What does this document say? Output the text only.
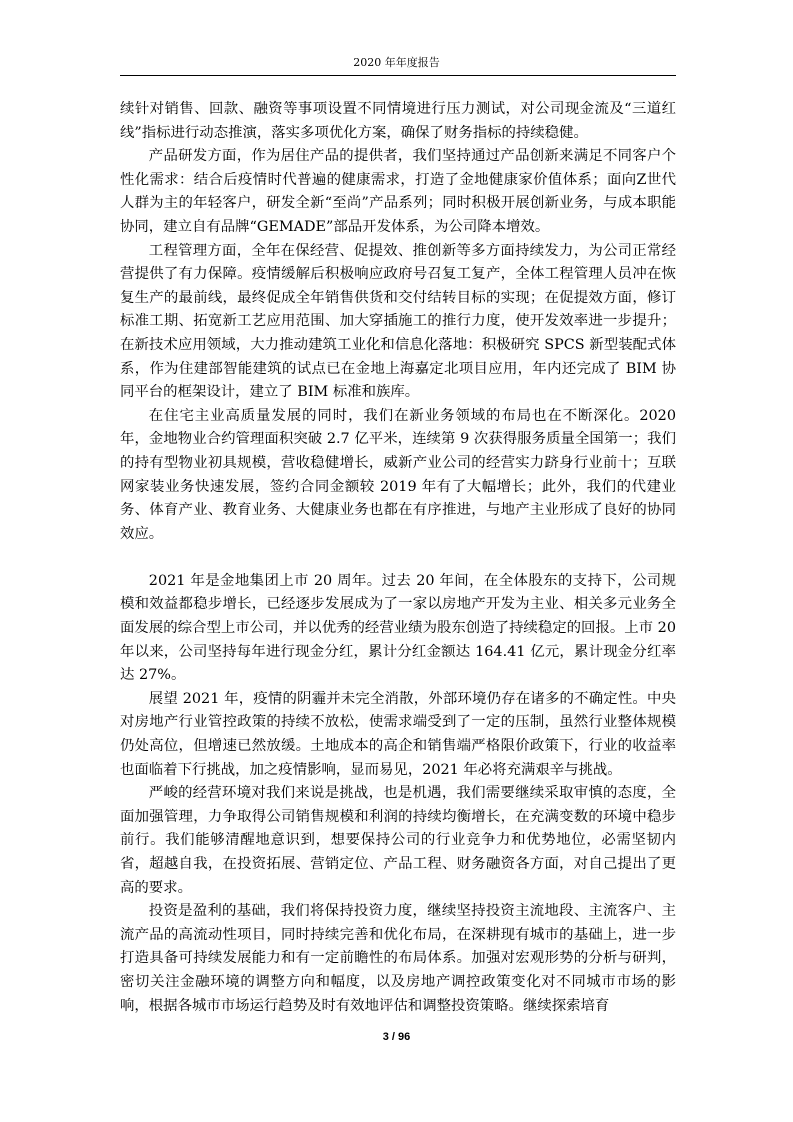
2020 年年度报告

续针对销售、回款、融资等事项设置不同情境进行压力测试，对公司现金流及“三道红线”指标进行动态推演，落实多项优化方案，确保了财务指标的持续稳健。

产品研发方面，作为居住产品的提供者，我们坚持通过产品创新来满足不同客户个性化需求：结合后疫情时代普遍的健康需求，打造了金地健康家价值体系；面向Z世代人群为主的年轻客户，研发全新“至尚”产品系列；同时积极开展创新业务，与成本职能协同，建立自有品牌“GEMADE”部品开发体系，为公司降本增效。

工程管理方面，全年在保经营、促提效、推创新等多方面持续发力，为公司正常经营提供了有力保障。疫情缓解后积极响应政府号召复工复产，全体工程管理人员冲在恢复生产的最前线，最终促成全年销售供货和交付结转目标的实现；在促提效方面，修订标准工期、拓宽新工艺应用范围、加大穿插施工的推行力度，使开发效率进一步提升；在新技术应用领域，大力推动建筑工业化和信息化落地：积极研究 SPCS 新型装配式体系，作为住建部智能建筑的试点已在金地上海嘉定北项目应用，年内还完成了 BIM 协同平台的框架设计，建立了 BIM 标准和族库。

在住宅主业高质量发展的同时，我们在新业务领域的布局也在不断深化。2020 年，金地物业合约管理面积突破 2.7 亿平米，连续第 9 次获得服务质量全国第一；我们的持有型物业初具规模，营收稳健增长，威新产业公司的经营实力跻身行业前十；互联网家装业务快速发展，签约合同金额较 2019 年有了大幅增长；此外，我们的代建业务、体育产业、教育业务、大健康业务也都在有序推进，与地产主业形成了良好的协同效应。

2021 年是金地集团上市 20 周年。过去 20 年间，在全体股东的支持下，公司规模和效益都稳步增长，已经逐步发展成为了一家以房地产开发为主业、相关多元业务全面发展的综合型上市公司，并以优秀的经营业绩为股东创造了持续稳定的回报。上市 20 年以来，公司坚持每年进行现金分红，累计分红金额达 164.41 亿元，累计现金分红率达 27%。

展望 2021 年，疫情的阴霾并未完全消散，外部环境仍存在诸多的不确定性。中央对房地产行业管控政策的持续不放松，使需求端受到了一定的压制，虽然行业整体规模仍处高位，但增速已然放缓。土地成本的高企和销售端严格限价政策下，行业的收益率也面临着下行挑战，加之疫情影响，显而易见，2021 年必将充满艰辛与挑战。

严峻的经营环境对我们来说是挑战，也是机遇，我们需要继续采取审慎的态度，全面加强管理，力争取得公司销售规模和利润的持续均衡增长，在充满变数的环境中稳步前行。我们能够清醒地意识到，想要保持公司的行业竞争力和优势地位，必需坚韧内省，超越自我，在投资拓展、营销定位、产品工程、财务融资各方面，对自己提出了更高的要求。

投资是盈利的基础，我们将保持投资力度，继续坚持投资主流地段、主流客户、主流产品的高流动性项目，同时持续完善和优化布局，在深耕现有城市的基础上，进一步打造具备可持续发展能力和有一定前瞻性的布局体系。加强对宏观形势的分析与研判，密切关注金融环境的调整方向和幅度，以及房地产调控政策变化对不同城市市场的影响，根据各城市市场运行趋势及时有效地评估和调整投资策略。继续探索培育

3 / 96
